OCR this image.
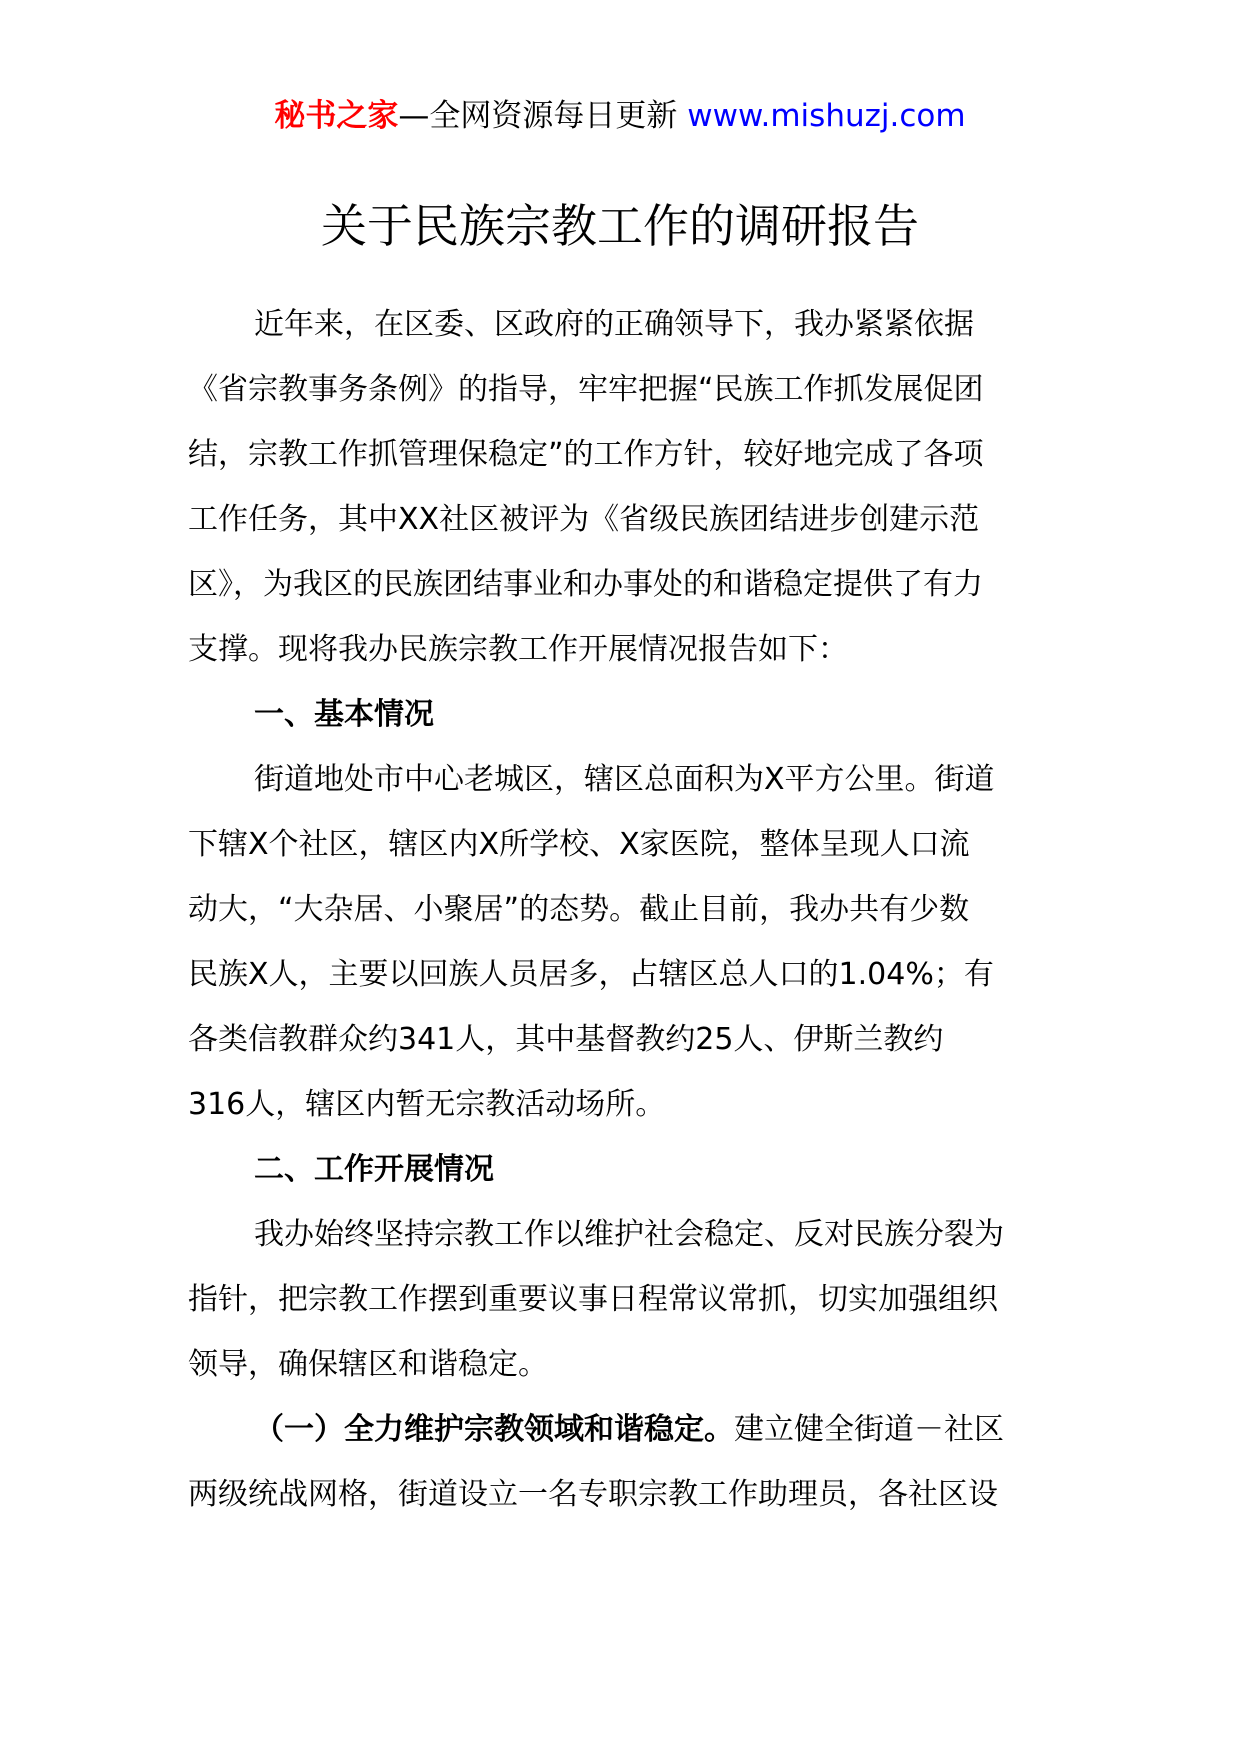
秘书之家—全网资源每日更新 www.mishuzj.com
关于民族宗教工作的调研报告

近年来，在区委、区政府的正确领导下，我办紧紧依据

《省宗教事务条例》的指导，牢牢把握“民族工作抓发展促团

结，宗教工作抓管理保稳定”的工作方针，较好地完成了各项

工作任务，其中XX社区被评为《省级民族团结进步创建示范

区》，为我区的民族团结事业和办事处的和谐稳定提供了有力

支撑。现将我办民族宗教工作开展情况报告如下：

一、基本情况

街道地处市中心老城区，辖区总面积为X平方公里。街道

下辖X个社区，辖区内X所学校、X家医院，整体呈现人口流

动大，“大杂居、小聚居”的态势。截止目前，我办共有少数

民族X人，主要以回族人员居多，占辖区总人口的1.04%；有

各类信教群众约341人，其中基督教约25人、伊斯兰教约

316人，辖区内暂无宗教活动场所。

二、工作开展情况

我办始终坚持宗教工作以维护社会稳定、反对民族分裂为

指针，把宗教工作摆到重要议事日程常议常抓，切实加强组织

领导，确保辖区和谐稳定。

（一）全力维护宗教领域和谐稳定。建立健全街道－社区

两级统战网格，街道设立一名专职宗教工作助理员，各社区设
